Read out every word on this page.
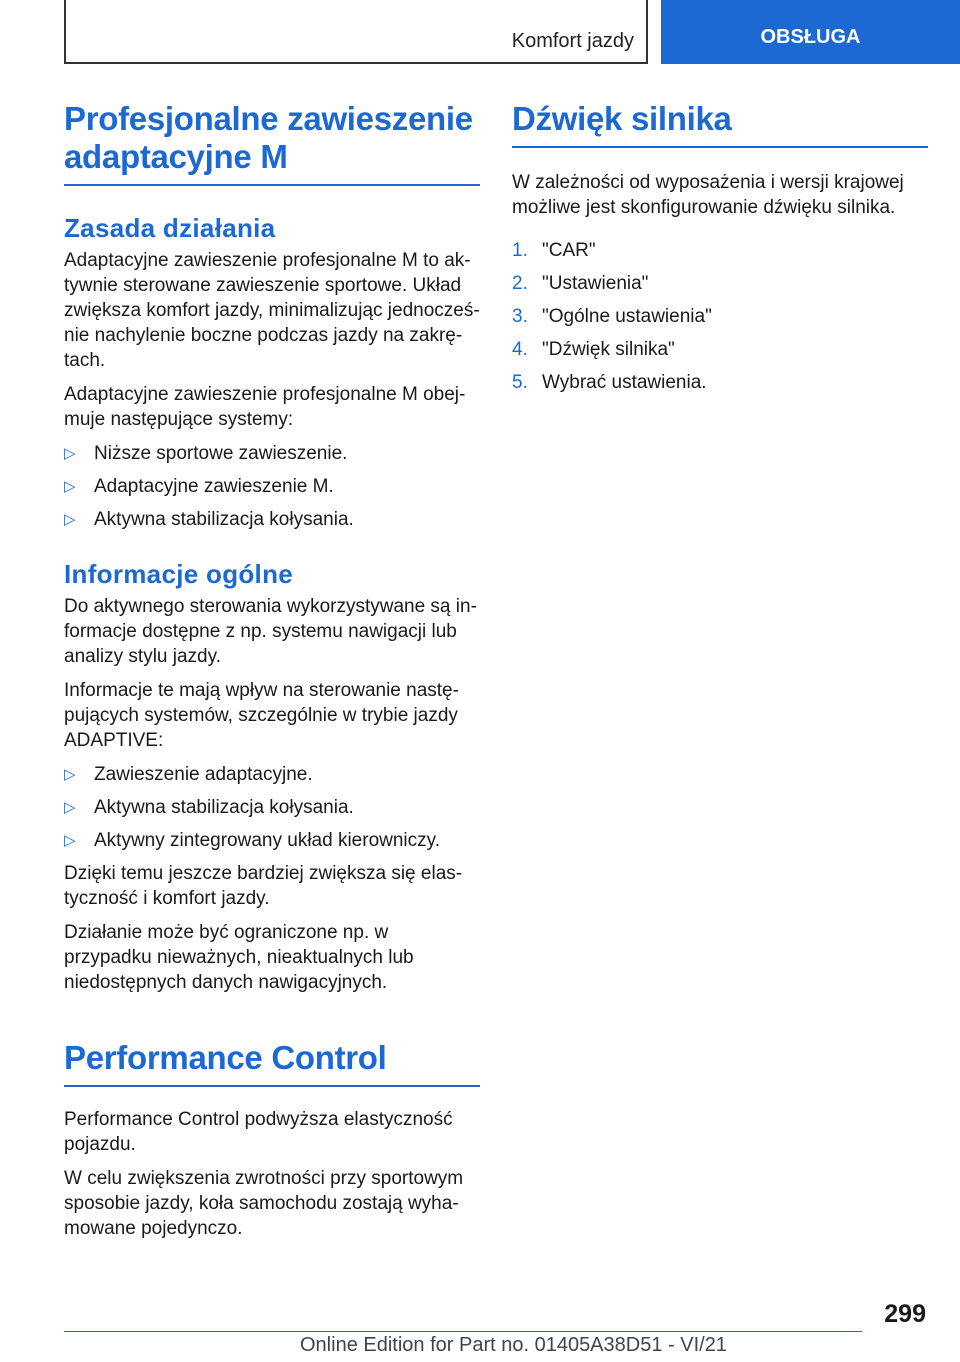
Komfort jazdy	OBSŁUGA
Profesjonalne zawieszenie adaptacyjne M
Zasada działania

Adaptacyjne zawieszenie profesjonalne M to aktywnie sterowane zawieszenie sportowe. Układ zwiększa komfort jazdy, minimalizując jednocześnie nachylenie boczne podczas jazdy na zakrętach.

Adaptacyjne zawieszenie profesjonalne M obejmuje następujące systemy:

▷ Niższe sportowe zawieszenie.
▷ Adaptacyjne zawieszenie M.
▷ Aktywna stabilizacja kołysania.
Informacje ogólne

Do aktywnego sterowania wykorzystywane są informacje dostępne z np. systemu nawigacji lub analizy stylu jazdy.

Informacje te mają wpływ na sterowanie następujących systemów, szczególnie w trybie jazdy ADAPTIVE:

▷ Zawieszenie adaptacyjne.
▷ Aktywna stabilizacja kołysania.
▷ Aktywny zintegrowany układ kierowniczy.

Dzięki temu jeszcze bardziej zwiększa się elastyczność i komfort jazdy.

Działanie może być ograniczone np. w przypadku nieważnych, nieaktualnych lub niedostępnych danych nawigacyjnych.

Performance Control

Performance Control podwyższa elastyczność pojazdu.

W celu zwiększenia zwrotności przy sportowym sposobie jazdy, koła samochodu zostają wyhamowane pojedynczo.

Dźwięk silnika

W zależności od wyposażenia i wersji krajowej możliwe jest skonfigurowanie dźwięku silnika.

1. "CAR"
2. "Ustawienia"
3. "Ogólne ustawienia"
4. "Dźwięk silnika"
5. Wybrać ustawienia.
299
Online Edition for Part no. 01405A38D51 - VI/21
